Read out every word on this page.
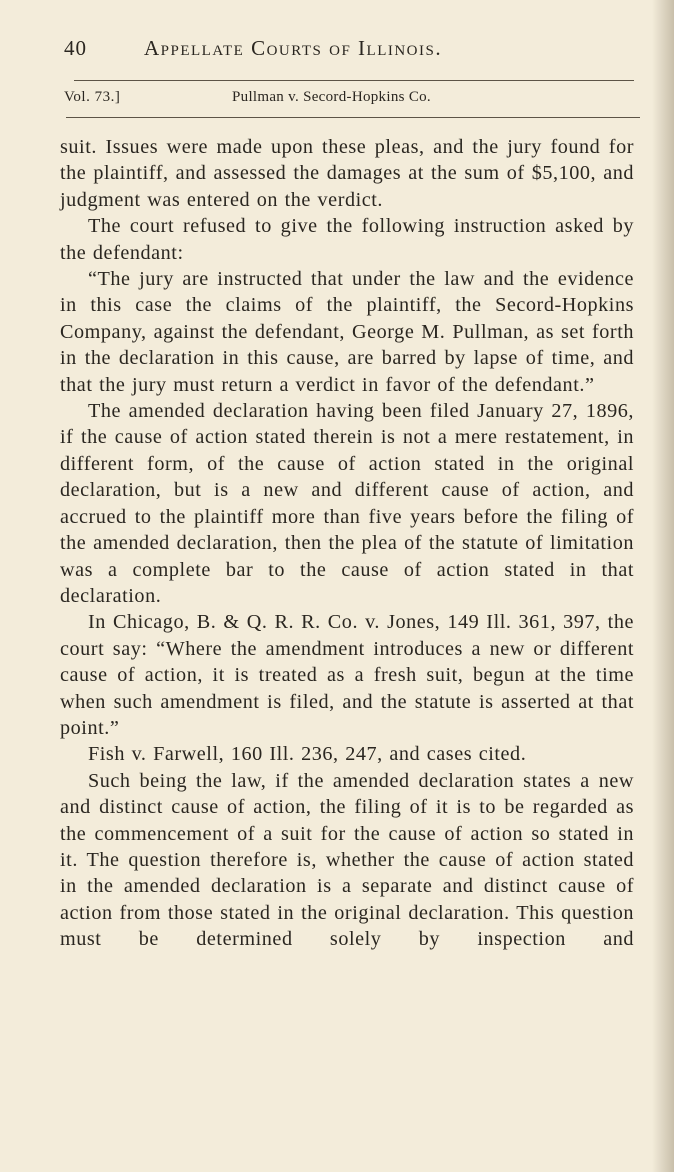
40	Appellate Courts of Illinois.
Vol. 73.]	Pullman v. Secord-Hopkins Co.

suit. Issues were made upon these pleas, and the jury found for the plaintiff, and assessed the damages at the sum of $5,100, and judgment was entered on the verdict.

The court refused to give the following instruction asked by the defendant:

“The jury are instructed that under the law and the evidence in this case the claims of the plaintiff, the Secord-Hopkins Company, against the defendant, George M. Pullman, as set forth in the declaration in this cause, are barred by lapse of time, and that the jury must return a verdict in favor of the defendant.”

The amended declaration having been filed January 27, 1896, if the cause of action stated therein is not a mere restatement, in different form, of the cause of action stated in the original declaration, but is a new and different cause of action, and accrued to the plaintiff more than five years before the filing of the amended declaration, then the plea of the statute of limitation was a complete bar to the cause of action stated in that declaration.

In Chicago, B. & Q. R. R. Co. v. Jones, 149 Ill. 361, 397, the court say: “Where the amendment introduces a new or different cause of action, it is treated as a fresh suit, begun at the time when such amendment is filed, and the statute is asserted at that point.”

Fish v. Farwell, 160 Ill. 236, 247, and cases cited.

Such being the law, if the amended declaration states a new and distinct cause of action, the filing of it is to be regarded as the commencement of a suit for the cause of action so stated in it. The question therefore is, whether the cause of action stated in the amended declaration is a separate and distinct cause of action from those stated in the original declaration. This question must be determined solely by inspection and
